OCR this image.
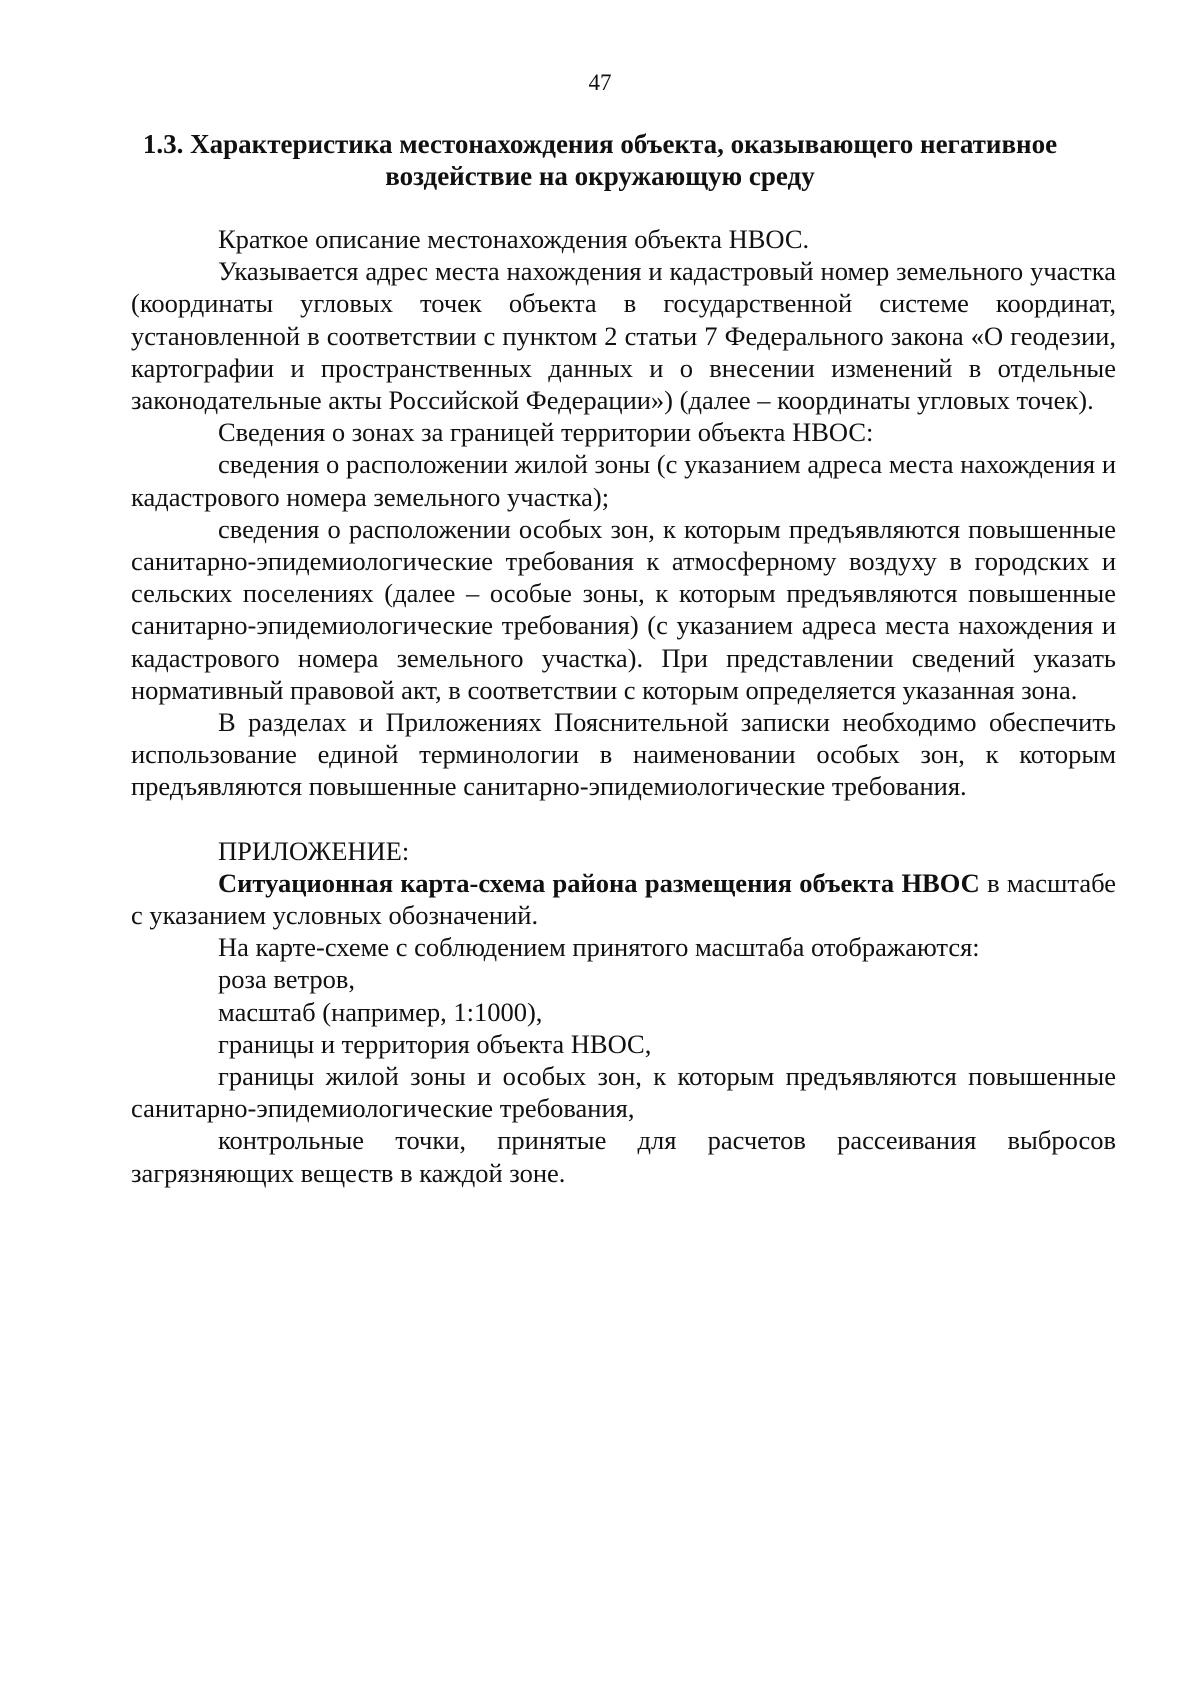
47
1.3. Характеристика местонахождения объекта, оказывающего негативное
воздействие на окружающую среду

Краткое описание местонахождения объекта НВОС.

Указывается адрес места нахождения и кадастровый номер земельного участка (координаты угловых точек объекта в государственной системе координат, установленной в соответствии с пунктом 2 статьи 7 Федерального закона «О геодезии, картографии и пространственных данных и о внесении изменений в отдельные законодательные акты Российской Федерации») (далее – координаты угловых точек).

Сведения о зонах за границей территории объекта НВОС:

сведения о расположении жилой зоны (с указанием адреса места нахождения и кадастрового номера земельного участка);

сведения о расположении особых зон, к которым предъявляются повышенные санитарно-эпидемиологические требования к атмосферному воздуху в городских и сельских поселениях (далее – особые зоны, к которым предъявляются повышенные санитарно-эпидемиологические требования) (с указанием адреса места нахождения и кадастрового номера земельного участка). При представлении сведений указать нормативный правовой акт, в соответствии с которым определяется указанная зона.

В разделах и Приложениях Пояснительной записки необходимо обеспечить использование единой терминологии в наименовании особых зон, к которым предъявляются повышенные санитарно-эпидемиологические требования.

ПРИЛОЖЕНИЕ:

Ситуационная карта-схема района размещения объекта НВОС в масштабе с указанием условных обозначений.

На карте-схеме с соблюдением принятого масштаба отображаются:

роза ветров,

масштаб (например, 1:1000),

границы и территория объекта НВОС,

границы жилой зоны и особых зон, к которым предъявляются повышенные санитарно-эпидемиологические требования,

контрольные точки, принятые для расчетов рассеивания выбросов загрязняющих веществ в каждой зоне.
